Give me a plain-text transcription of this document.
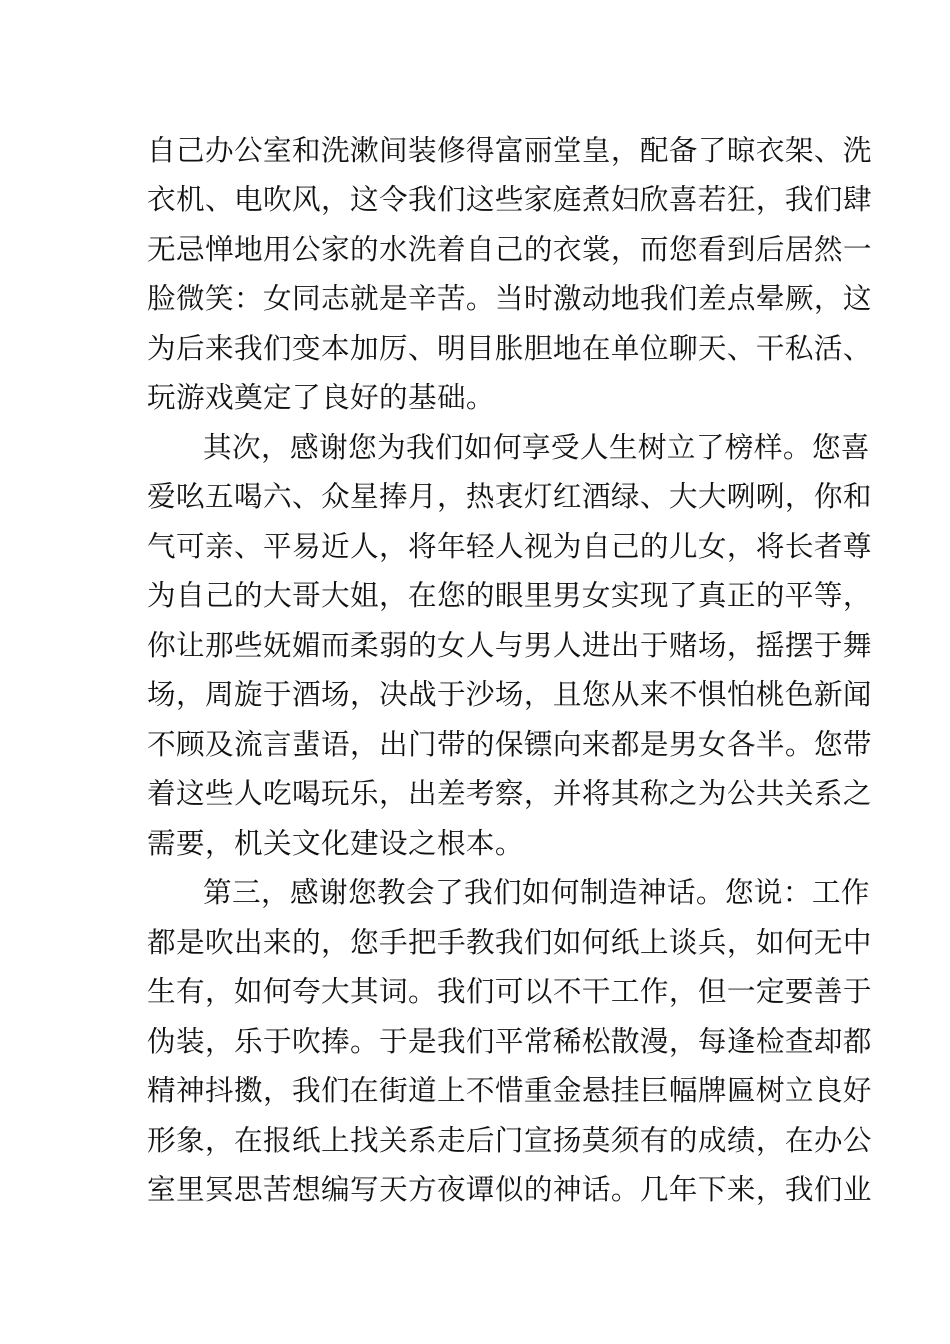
自己办公室和洗漱间装修得富丽堂皇，配备了晾衣架、洗
衣机、电吹风，这令我们这些家庭煮妇欣喜若狂，我们肆
无忌惮地用公家的水洗着自己的衣裳，而您看到后居然一
脸微笑：女同志就是辛苦。当时激动地我们差点晕厥，这
为后来我们变本加厉、明目胀胆地在单位聊天、干私活、
玩游戏奠定了良好的基础。
其次，感谢您为我们如何享受人生树立了榜样。您喜
爱吆五喝六、众星捧月，热衷灯红酒绿、大大咧咧，你和
气可亲、平易近人，将年轻人视为自己的儿女，将长者尊
为自己的大哥大姐，在您的眼里男女实现了真正的平等，
你让那些妩媚而柔弱的女人与男人进出于赌场，摇摆于舞
场，周旋于酒场，决战于沙场，且您从来不惧怕桃色新闻
不顾及流言蜚语，出门带的保镖向来都是男女各半。您带
着这些人吃喝玩乐，出差考察，并将其称之为公共关系之
需要，机关文化建设之根本。
第三，感谢您教会了我们如何制造神话。您说：工作
都是吹出来的，您手把手教我们如何纸上谈兵，如何无中
生有，如何夸大其词。我们可以不干工作，但一定要善于
伪装，乐于吹捧。于是我们平常稀松散漫，每逢检查却都
精神抖擞，我们在街道上不惜重金悬挂巨幅牌匾树立良好
形象，在报纸上找关系走后门宣扬莫须有的成绩，在办公
室里冥思苦想编写天方夜谭似的神话。几年下来，我们业
